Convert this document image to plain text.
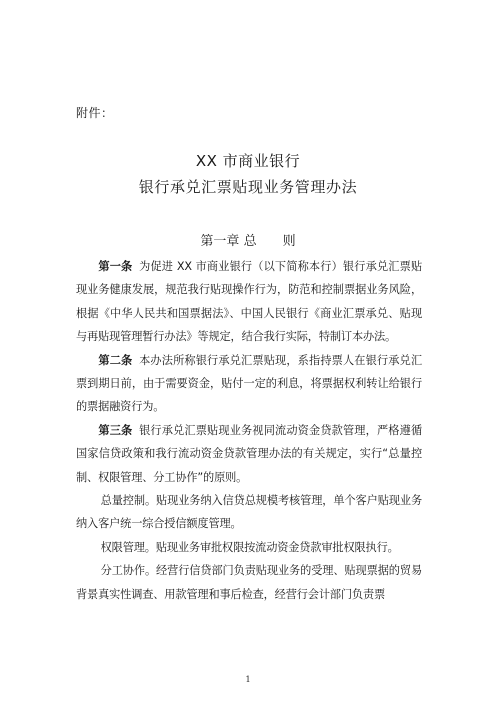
附件：
XX 市商业银行
银行承兑汇票贴现业务管理办法
第一章 总　　则

第一条 为促进 XX 市商业银行（以下简称本行）银行承兑汇票贴现业务健康发展，规范我行贴现操作行为，防范和控制票据业务风险，根据《中华人民共和国票据法》、中国人民银行《商业汇票承兑、贴现与再贴现管理暂行办法》等规定，结合我行实际，特制订本办法。

第二条 本办法所称银行承兑汇票贴现，系指持票人在银行承兑汇票到期日前，由于需要资金，贴付一定的利息，将票据权利转让给银行的票据融资行为。

第三条 银行承兑汇票贴现业务视同流动资金贷款管理，严格遵循国家信贷政策和我行流动资金贷款管理办法的有关规定，实行“总量控制、权限管理、分工协作”的原则。

总量控制。贴现业务纳入信贷总规模考核管理，单个客户贴现业务纳入客户统一综合授信额度管理。

权限管理。贴现业务审批权限按流动资金贷款审批权限执行。

分工协作。经营行信贷部门负责贴现业务的受理、贴现票据的贸易背景真实性调查、用款管理和事后检查，经营行会计部门负责票

1
